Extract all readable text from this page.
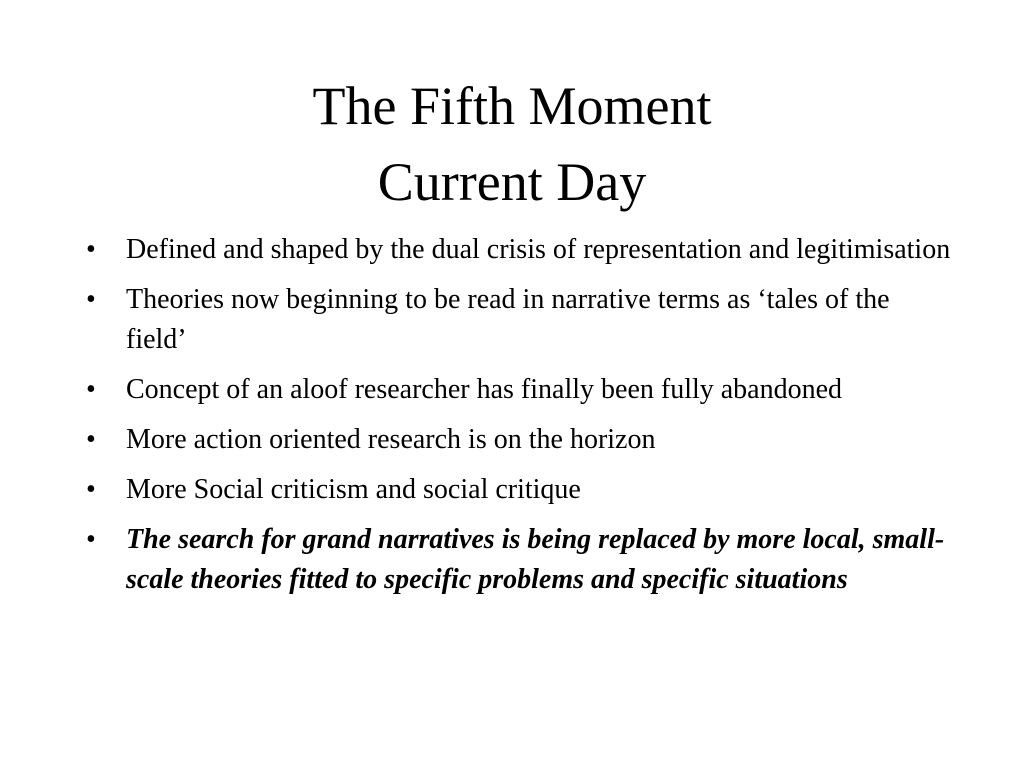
The Fifth Moment
Current Day
•	Defined and shaped by the dual crisis of representation and legitimisation
•	Theories now beginning to be read in narrative terms as ‘tales of the field’
•	Concept of an aloof researcher has finally been fully abandoned
•	More action oriented research is on the horizon
•	More Social criticism and social critique
•	The search for grand narratives is being replaced by more local, small-scale theories fitted to specific problems and specific situations
